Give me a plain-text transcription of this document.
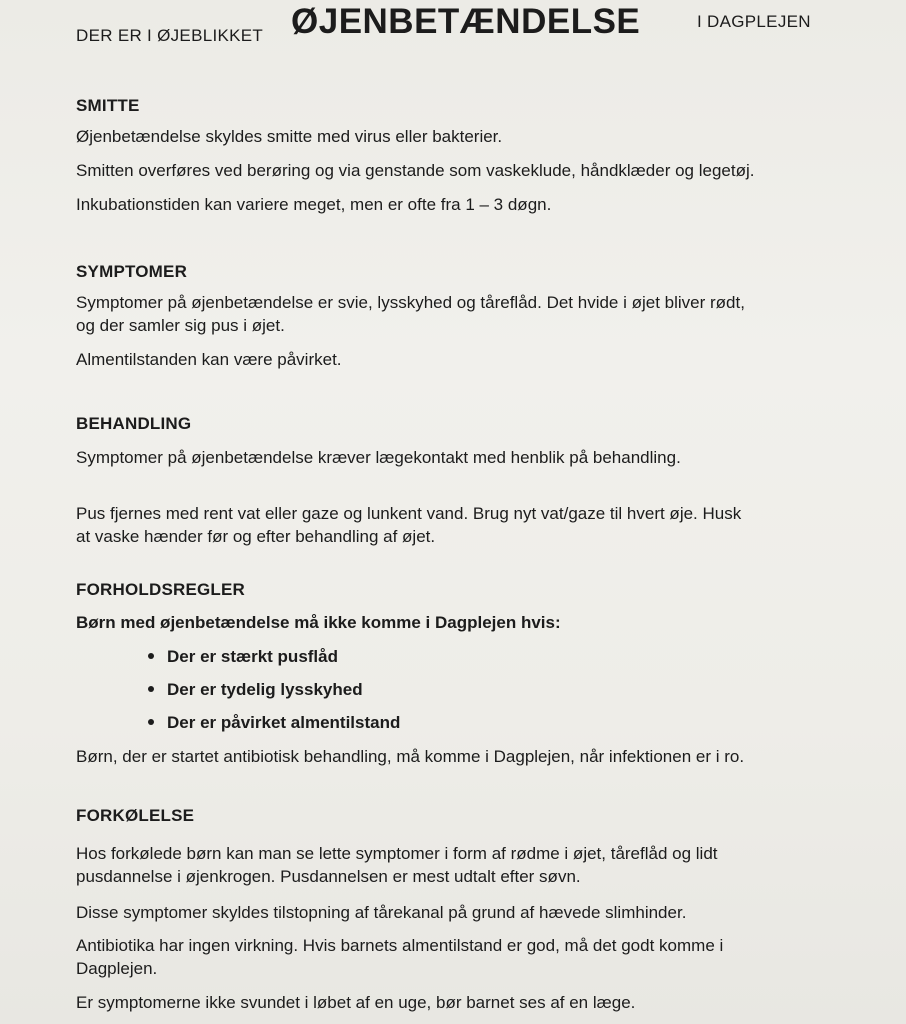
DER ER I ØJEBLIKKET ØJENBETÆNDELSE	I DAGPLEJEN
SMITTE
Øjenbetændelse skyldes smitte med virus eller bakterier.
Smitten overføres ved berøring og via genstande som vaskeklude, håndklæder og legetøj.
Inkubationstiden kan variere meget, men er ofte fra 1 – 3 døgn.
SYMPTOMER
Symptomer på øjenbetændelse er svie, lysskyhed og tåreflåd. Det hvide i øjet bliver rødt,
og der samler sig pus i øjet.
Almentilstanden kan være påvirket.
BEHANDLING
Symptomer på øjenbetændelse kræver lægekontakt med henblik på behandling.
Pus fjernes med rent vat eller gaze og lunkent vand. Brug nyt vat/gaze til hvert øje. Husk
at vaske hænder før og efter behandling af øjet.
FORHOLDSREGLER
Børn med øjenbetændelse må ikke komme i Dagplejen hvis:
Der er stærkt pusflåd
Der er tydelig lysskyhed
Der er påvirket almentilstand
Børn, der er startet antibiotisk behandling, må komme i Dagplejen, når infektionen er i ro.
FORKØLELSE
Hos forkølede børn kan man se lette symptomer i form af rødme i øjet, tåreflåd og lidt
pusdannelse i øjenkrogen. Pusdannelsen er mest udtalt efter søvn.
Disse symptomer skyldes tilstopning af tårekanal på grund af hævede slimhinder.
Antibiotika har ingen virkning. Hvis barnets almentilstand er god, må det godt komme i
Dagplejen.
Er symptomerne ikke svundet i løbet af en uge, bør barnet ses af en læge.
